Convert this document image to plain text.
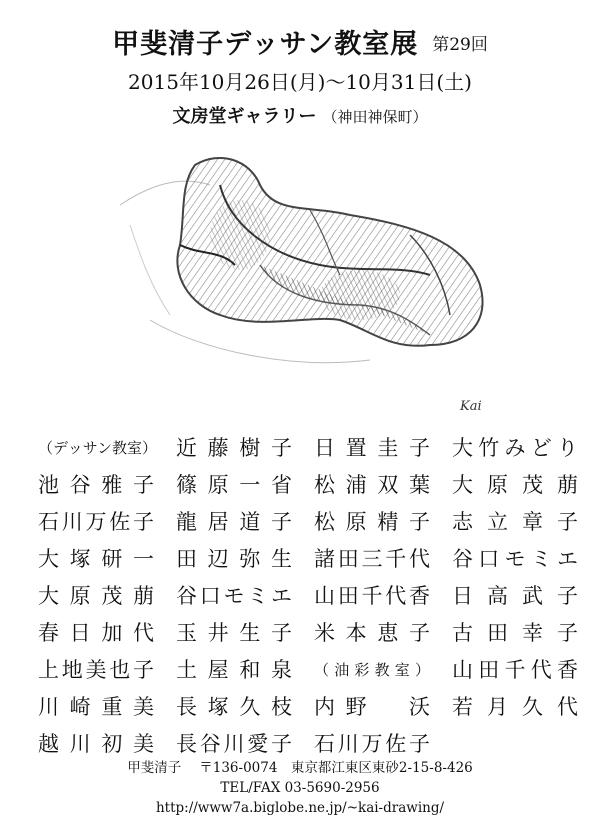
甲斐清子デッサン教室展 第29回
2015年10月26日(月)〜10月31日(土)
文房堂ギャラリー （神田神保町）
Kai
（デッサン教室） 近藤樹子	日置圭子	大竹みどり
池谷雅子	篠原一省	松浦双葉	大原茂萠
石川万佐子	龍居道子	松原精子	志立章子
大塚研一	田辺弥生	諸田三千代	谷口モミエ
大原茂萠	谷口モミエ	山田千代香	日高武子
春日加代	玉井生子	米本恵子	古田幸子
上地美也子	土屋和泉	（油彩教室）	山田千代香
川崎重美	長塚久枝	内野　沃	若月久代
越川初美	長谷川愛子	石川万佐子
甲斐清子 〒136-0074　東京都江東区東砂2-15-8-426
TEL/FAX 03-5690-2956
http://www7a.biglobe.ne.jp/~kai-drawing/
